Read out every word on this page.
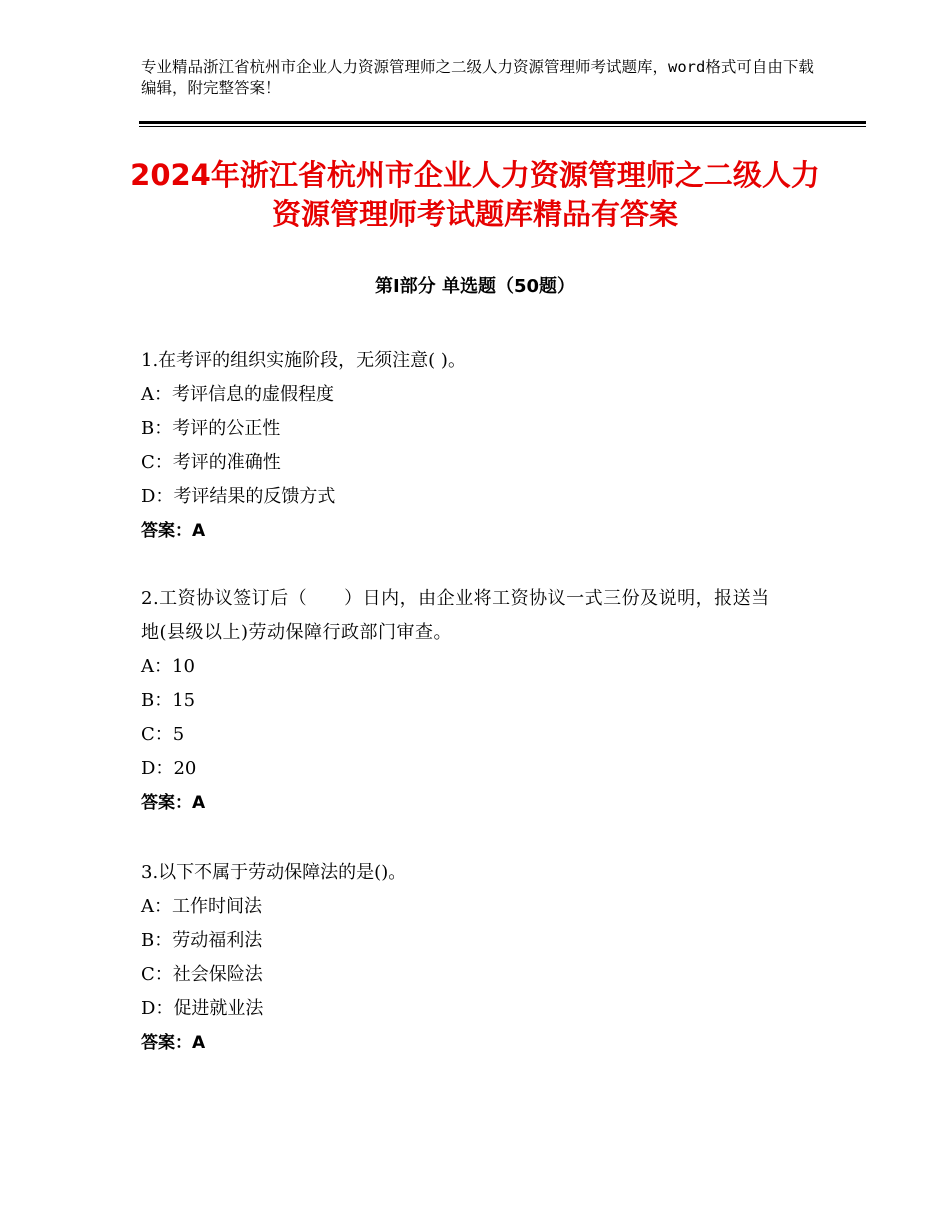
专业精品浙江省杭州市企业人力资源管理师之二级人力资源管理师考试题库，word格式可自由下载编辑，附完整答案！
2024年浙江省杭州市企业人力资源管理师之二级人力资源管理师考试题库精品有答案
第Ⅰ部分 单选题（50题）
1.在考评的组织实施阶段，无须注意( )。
A：考评信息的虚假程度
B：考评的公正性
C：考评的准确性
D：考评结果的反馈方式
答案：A
2.工资协议签订后（　　）日内，由企业将工资协议一式三份及说明，报送当地(县级以上)劳动保障行政部门审查。
A：10
B：15
C：5
D：20
答案：A
3.以下不属于劳动保障法的是()。
A：工作时间法
B：劳动福利法
C：社会保险法
D：促进就业法
答案：A
